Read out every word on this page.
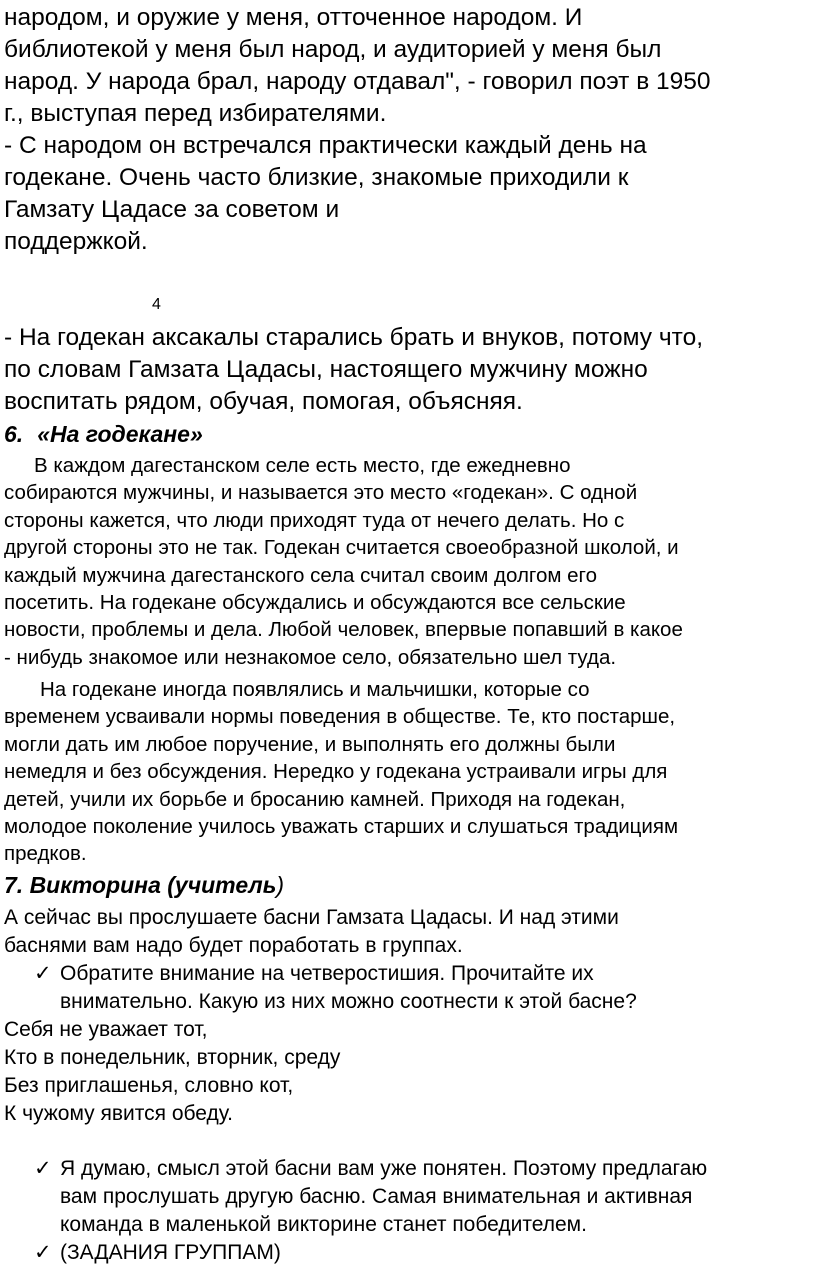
народом, и оружие у меня, отточенное народом. И
библиотекой у меня был народ, и аудиторией у меня был
народ. У народа брал, народу отдавал", - говорил поэт в 1950
г., выступая перед избирателями.
- С народом он встречался практически каждый день на
годекане. Очень часто близкие, знакомые приходили к
Гамзату Цадасе за советом и
поддержкой.
4
- На годекан аксакалы старались брать и внуков, потому что,
по словам Гамзата Цадасы, настоящего мужчину можно
воспитать рядом, обучая, помогая, объясняя.
6. «На годекане»
В каждом дагестанском селе есть место, где ежедневно
собираются мужчины, и называется это место «годекан». С одной
стороны кажется, что люди приходят туда от нечего делать. Но с
другой стороны это не так. Годекан считается своеобразной школой, и
каждый мужчина дагестанского села считал своим долгом его
посетить. На годекане обсуждались и обсуждаются все сельские
новости, проблемы и дела. Любой человек, впервые попавший в какое
- нибудь знакомое или незнакомое село, обязательно шел туда.
На годекане иногда появлялись и мальчишки, которые со
временем усваивали нормы поведения в обществе. Те, кто постарше,
могли дать им любое поручение, и выполнять его должны были
немедля и без обсуждения. Нередко у годекана устраивали игры для
детей, учили их борьбе и бросанию камней. Приходя на годекан,
молодое поколение училось уважать старших и слушаться традициям
предков.
7. Викторина (учитель)
А сейчас вы прослушаете басни Гамзата Цадасы. И над этими
баснями вам надо будет поработать в группах.
✓ Обратите внимание на четверостишия. Прочитайте их
внимательно. Какую из них можно соотнести к этой басне?
Себя не уважает тот,
Кто в понедельник, вторник, среду
Без приглашенья, словно кот,
К чужому явится обеду.
✓ Я думаю, смысл этой басни вам уже понятен. Поэтому предлагаю
вам прослушать другую басню. Самая внимательная и активная
команда в маленькой викторине станет победителем.
✓ (ЗАДАНИЯ ГРУППАМ)
